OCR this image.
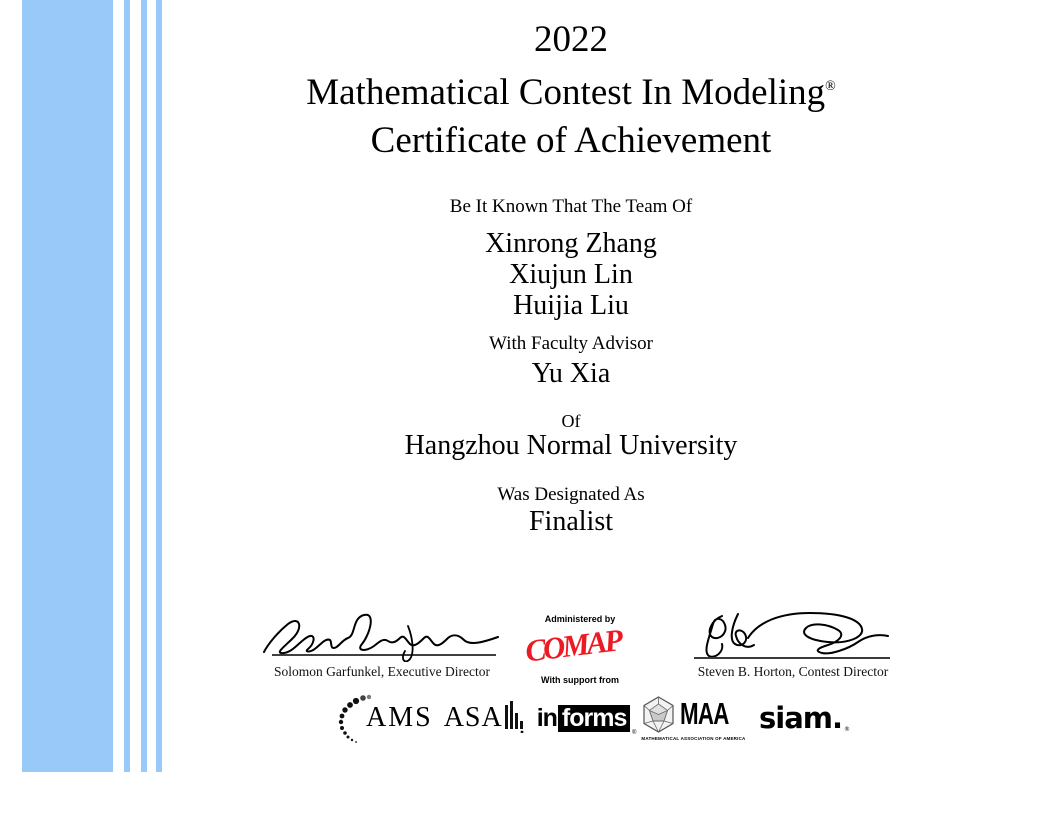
2022
Mathematical Contest In Modeling®
Certificate of Achievement
Be It Known That The Team Of
Xinrong Zhang
Xiujun Lin
Huijia Liu
With Faculty Advisor
Yu Xia
Of
Hangzhou Normal University
Was Designated As
Finalist
Solomon Garfunkel, Executive Director
Administered by
COMAP
With support from
Steven B. Horton, Contest Director
AMS ASA in forms
®
MAA
MATHEMATICAL ASSOCIATION OF AMERICA
siam. ®
